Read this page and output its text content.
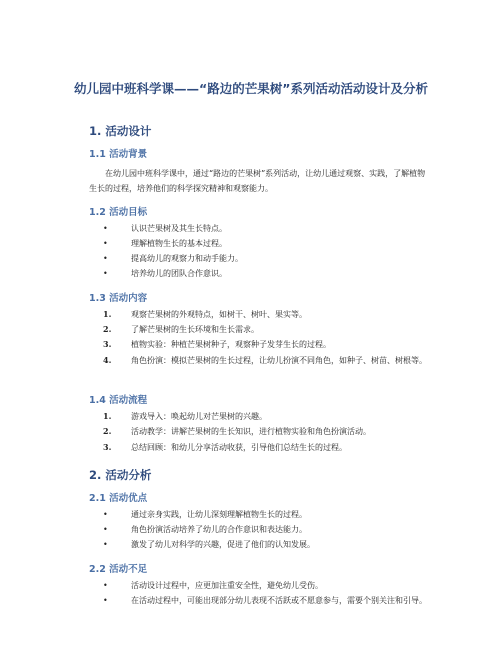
幼儿园中班科学课——“路边的芒果树”系列活动活动设计及分析
1. 活动设计
1.1 活动背景

在幼儿园中班科学课中，通过“路边的芒果树”系列活动，让幼儿通过观察、实践，了解植物生长的过程，培养他们的科学探究精神和观察能力。

1.2 活动目标
•	认识芒果树及其生长特点。
•	理解植物生长的基本过程。
•	提高幼儿的观察力和动手能力。
•	培养幼儿的团队合作意识。
1.3 活动内容
1.	观察芒果树的外观特点，如树干、树叶、果实等。
2.	了解芒果树的生长环境和生长需求。
3.	植物实验：种植芒果树种子，观察种子发芽生长的过程。
4. 角色扮演：模拟芒果树的生长过程，让幼儿扮演不同角色，如种子、树苗、树根等。
1.4 活动流程
1.	游戏导入：唤起幼儿对芒果树的兴趣。
2.	活动教学：讲解芒果树的生长知识，进行植物实验和角色扮演活动。
3.	总结回顾：和幼儿分享活动收获，引导他们总结生长的过程。
2. 活动分析
2.1 活动优点
•	通过亲身实践，让幼儿深刻理解植物生长的过程。
•	角色扮演活动培养了幼儿的合作意识和表达能力。
•	激发了幼儿对科学的兴趣，促进了他们的认知发展。
2.2 活动不足
•	活动设计过程中，应更加注重安全性，避免幼儿受伤。
•	在活动过程中，可能出现部分幼儿表现不活跃或不愿意参与，需要个别关注和引导。
